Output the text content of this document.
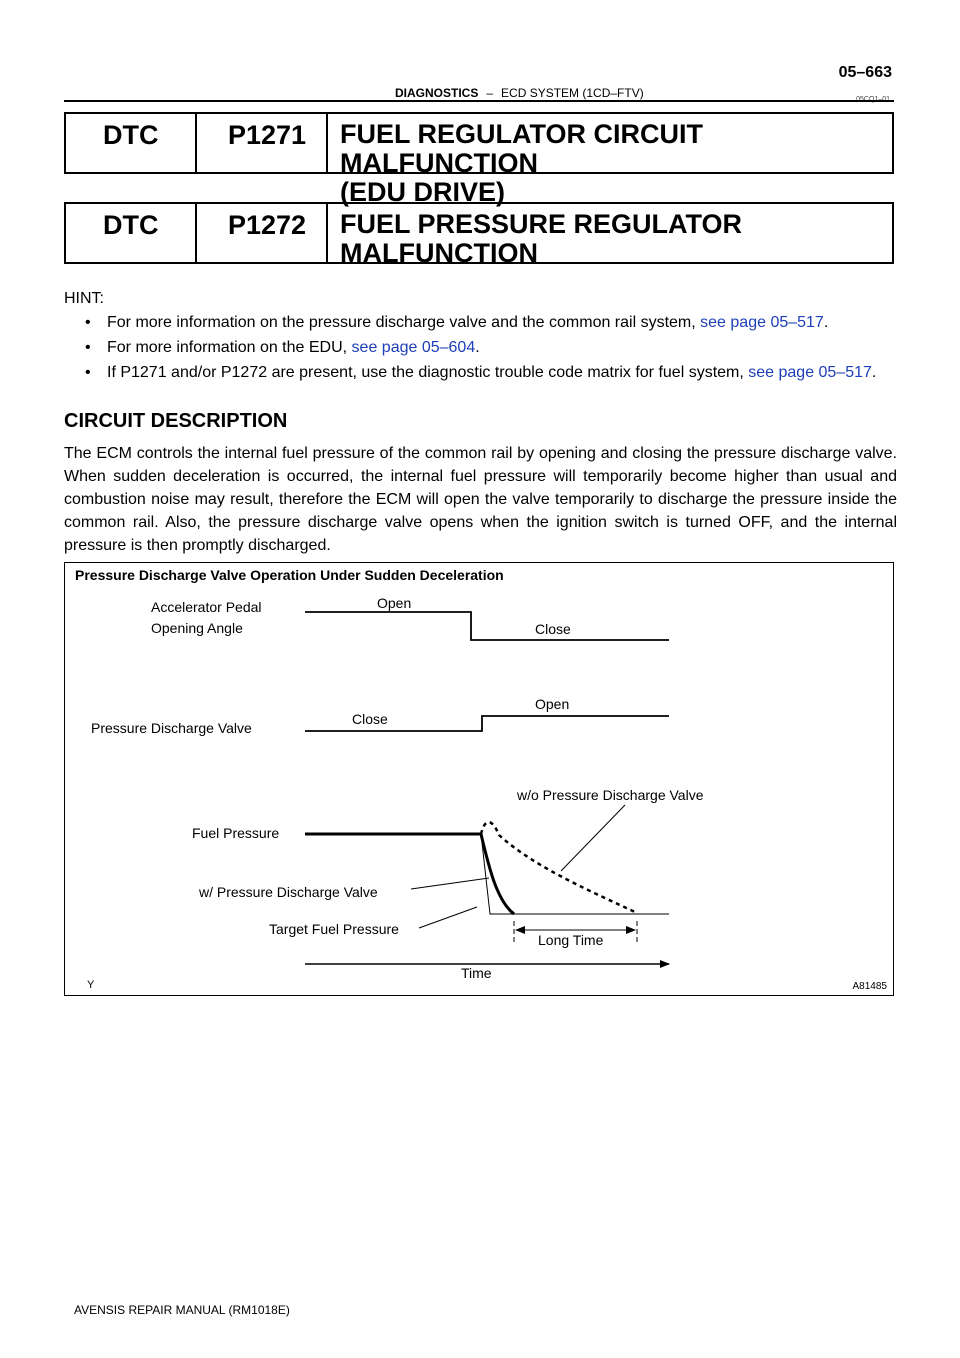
05–663
DIAGNOSTICS – ECD SYSTEM (1CD–FTV)	05CQ1–01
DTC	P1271	FUEL REGULATOR CIRCUIT MALFUNCTION
(EDU DRIVE)
DTC	P1272	FUEL PRESSURE REGULATOR
MALFUNCTION
HINT:
• For more information on the pressure discharge valve and the common rail system, see page 05–517.
• For more information on the EDU, see page 05–604.
• If P1271 and/or P1272 are present, use the diagnostic trouble code matrix for fuel system, see page 05–517.
CIRCUIT DESCRIPTION
The ECM controls the internal fuel pressure of the common rail by opening and closing the pressure discharge valve. When sudden deceleration is occurred, the internal fuel pressure will temporarily become higher than usual and combustion noise may result, therefore the ECM will open the valve temporarily to discharge the pressure inside the common rail. Also, the pressure discharge valve opens when the ignition switch is turned OFF, and the internal pressure is then promptly discharged.
Pressure Discharge Valve Operation Under Sudden Deceleration
Accelerator Pedal
Opening Angle
Open
Close
Pressure Discharge Valve
Close
Open
Fuel Pressure
w/o Pressure Discharge Valve
w/ Pressure Discharge Valve
Target Fuel Pressure
Long Time
Time
Y	A81485
AVENSIS REPAIR MANUAL (RM1018E)
